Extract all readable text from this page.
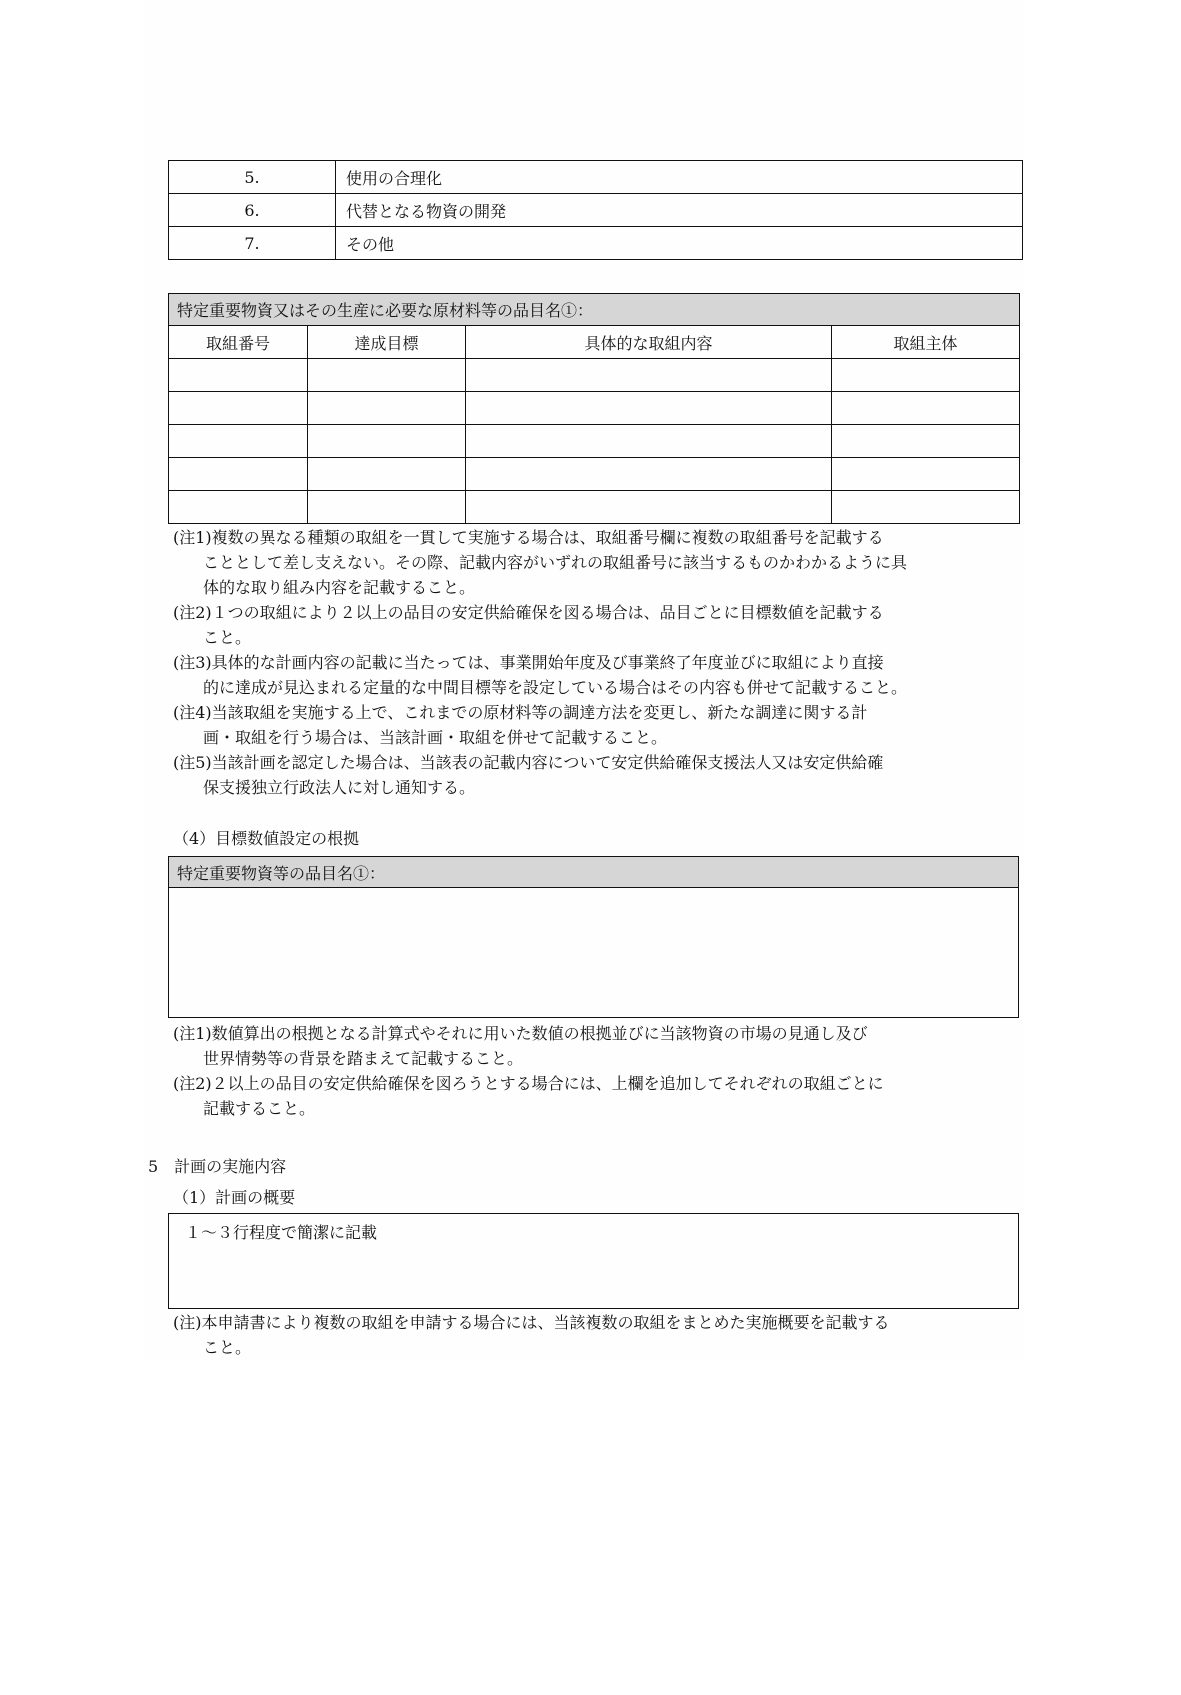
5.	使用の合理化
6.	代替となる物資の開発
7.	その他
特定重要物資又はその生産に必要な原材料等の品目名①：			
取組番号	達成目標	具体的な取組内容	取組主体

(注1)複数の異なる種類の取組を一貫して実施する場合は、取組番号欄に複数の取組番号を記載する
こととして差し支えない。その際、記載内容がいずれの取組番号に該当するものかわかるように具
体的な取り組み内容を記載すること。
(注2)１つの取組により２以上の品目の安定供給確保を図る場合は、品目ごとに目標数値を記載する
こと。
(注3)具体的な計画内容の記載に当たっては、事業開始年度及び事業終了年度並びに取組により直接
的に達成が見込まれる定量的な中間目標等を設定している場合はその内容も併せて記載すること。
(注4)当該取組を実施する上で、これまでの原材料等の調達方法を変更し、新たな調達に関する計
画・取組を行う場合は、当該計画・取組を併せて記載すること。
(注5)当該計画を認定した場合は、当該表の記載内容について安定供給確保支援法人又は安定供給確
保支援独立行政法人に対し通知する。
（4）目標数値設定の根拠
特定重要物資等の品目名①：

(注1)数値算出の根拠となる計算式やそれに用いた数値の根拠並びに当該物資の市場の見通し及び
世界情勢等の背景を踏まえて記載すること。
(注2)２以上の品目の安定供給確保を図ろうとする場合には、上欄を追加してそれぞれの取組ごとに
記載すること。
5　計画の実施内容
（1）計画の概要
１～３行程度で簡潔に記載
(注)本申請書により複数の取組を申請する場合には、当該複数の取組をまとめた実施概要を記載する
こと。
